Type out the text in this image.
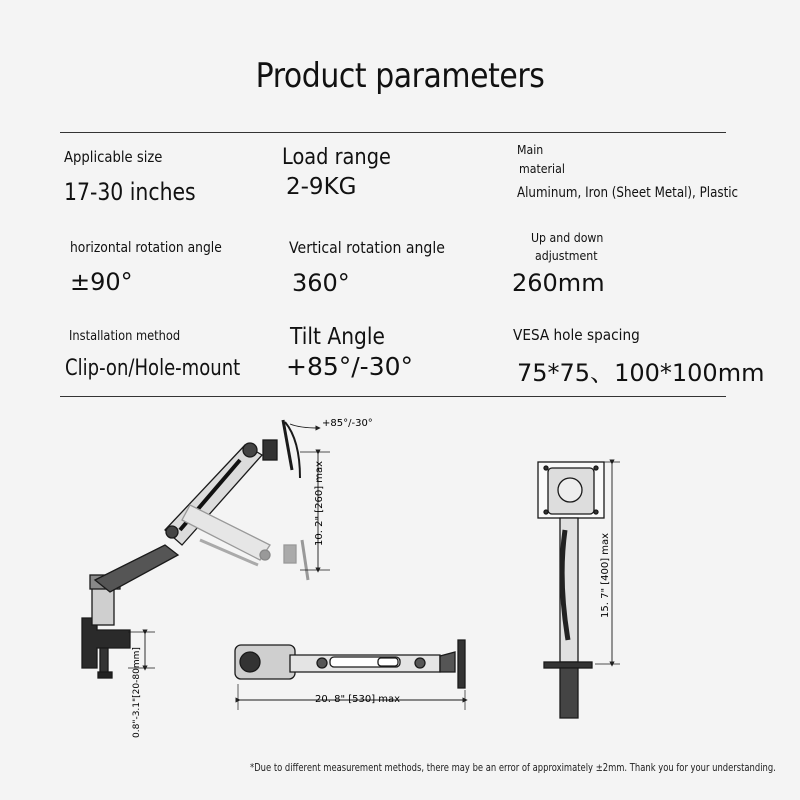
Product parameters
Applicable size
17-30 inches
Load range
2-9KG
Main
material
Aluminum, Iron (Sheet Metal), Plastic
horizontal rotation angle
±90°
Vertical rotation angle
360°
Up and down
adjustment
260mm
Installation method
Clip-on/Hole-mount
Tilt Angle
+85°/-30°
VESA hole spacing
75*75、100*100mm
+85°/-30°
10. 2" [260] max
0.8"-3.1"[20-80mm]	20. 8" [530] max
15. 7" [400] max
*Due to different measurement methods, there may be an error of approximately ±2mm. Thank you for your understanding.
